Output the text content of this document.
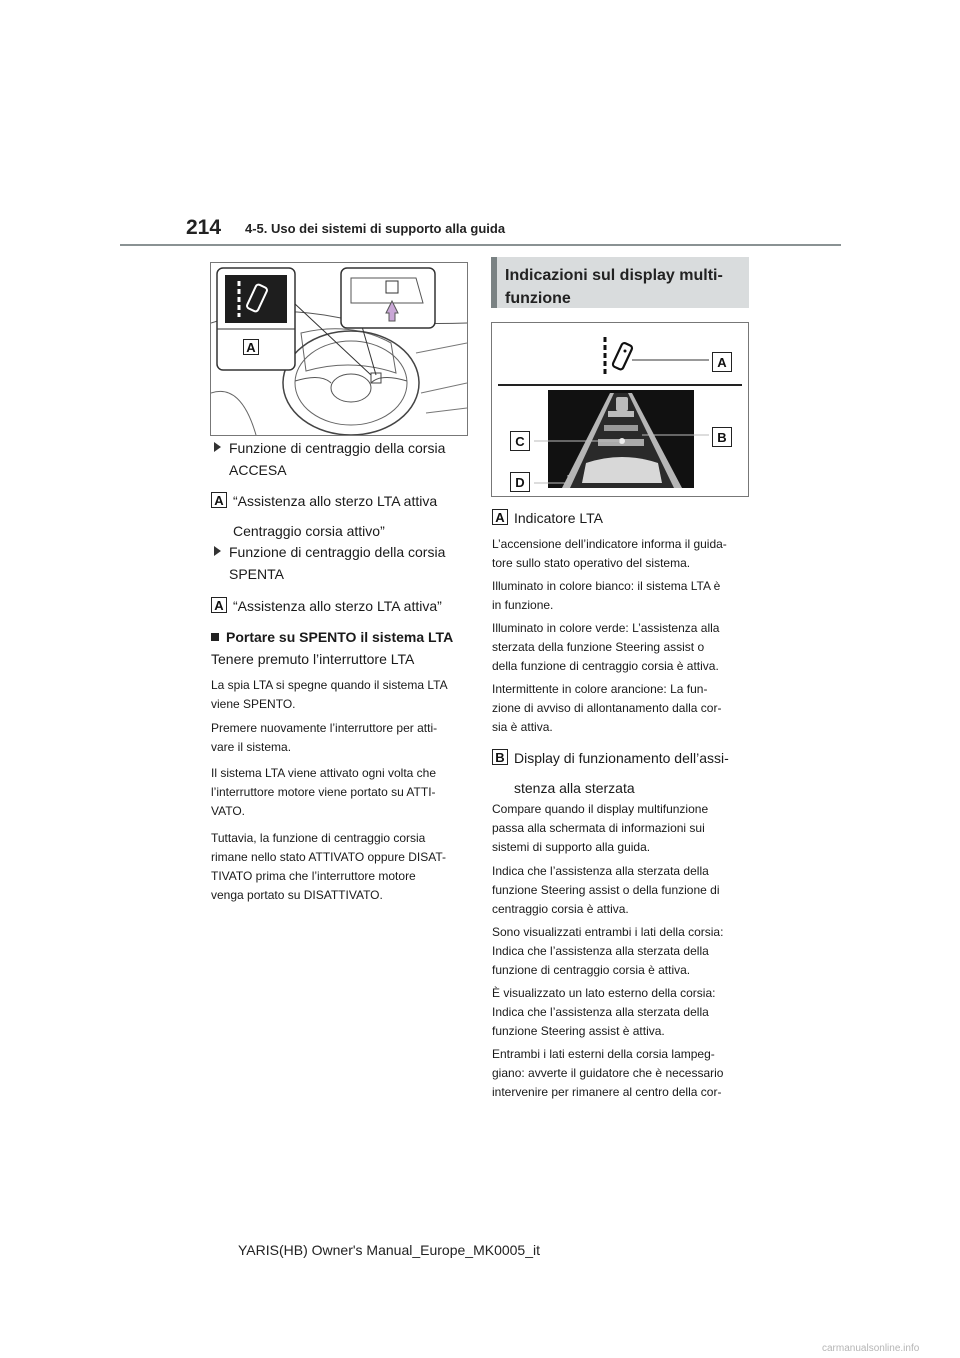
214 4-5. Uso dei sistemi di supporto alla guida
A
Funzione di centraggio della corsia
ACCESA
A “Assistenza allo sterzo LTA attiva
Centraggio corsia attivo”
Funzione di centraggio della corsia
SPENTA
A “Assistenza allo sterzo LTA attiva”
Portare su SPENTO il sistema LTA
Tenere premuto l’interruttore LTA
La spia LTA si spegne quando il sistema LTA
viene SPENTO.
Premere nuovamente l’interruttore per atti-
vare il sistema.
Il sistema LTA viene attivato ogni volta che
l’interruttore motore viene portato su ATTI-
VATO.
Tuttavia, la funzione di centraggio corsia
rimane nello stato ATTIVATO oppure DISAT-
TIVATO prima che l’interruttore motore
venga portato su DISATTIVATO.
Indicazioni sul display multi-
funzione
A
B
C
D
A Indicatore LTA
L’accensione dell’indicatore informa il guida-
tore sullo stato operativo del sistema.
Illuminato in colore bianco: il sistema LTA è
in funzione.
Illuminato in colore verde: L’assistenza alla
sterzata della funzione Steering assist o
della funzione di centraggio corsia è attiva.
Intermittente in colore arancione: La fun-
zione di avviso di allontanamento dalla cor-
sia è attiva.
B Display di funzionamento dell’assi-
stenza alla sterzata
Compare quando il display multifunzione
passa alla schermata di informazioni sui
sistemi di supporto alla guida.
Indica che l’assistenza alla sterzata della
funzione Steering assist o della funzione di
centraggio corsia è attiva.
Sono visualizzati entrambi i lati della corsia:
Indica che l’assistenza alla sterzata della
funzione di centraggio corsia è attiva.
È visualizzato un lato esterno della corsia:
Indica che l’assistenza alla sterzata della
funzione Steering assist è attiva.
Entrambi i lati esterni della corsia lampeg-
giano: avverte il guidatore che è necessario
intervenire per rimanere al centro della cor-
YARIS(HB) Owner's Manual_Europe_MK0005_it
carmanualsonline.info
